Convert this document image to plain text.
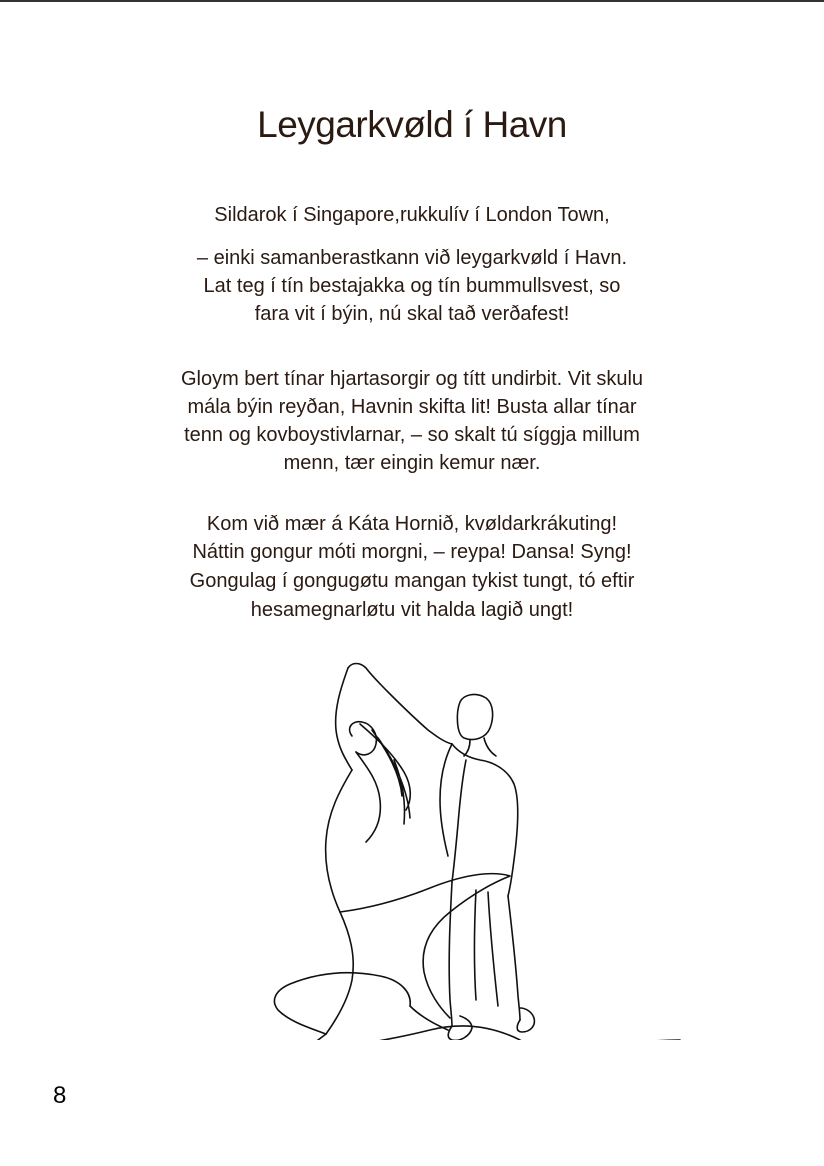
Leygarkvøld í Havn
Sildarok í Singapore,rukkulív í London Town,
– einki samanberastkann við leygarkvøld í Havn.
Lat teg í tín bestajakka og tín bummullsvest, so
fara vit í býin, nú skal tað verðafest!
Gloym bert tínar hjartasorgir og títt undirbit. Vit skulu
mála býin reyðan, Havnin skifta lit! Busta allar tínar
tenn og kovboystivlarnar, – so skalt tú síggja millum
menn, tær eingin kemur nær.
Kom við mær á Káta Hornið, kvøldarkrákuting!
Náttin gongur móti morgni, – reypa! Dansa! Syng!
Gongulag í gongugøtu mangan tykist tungt, tó eftir
hesamegnarløtu vit halda lagið ungt!
8
